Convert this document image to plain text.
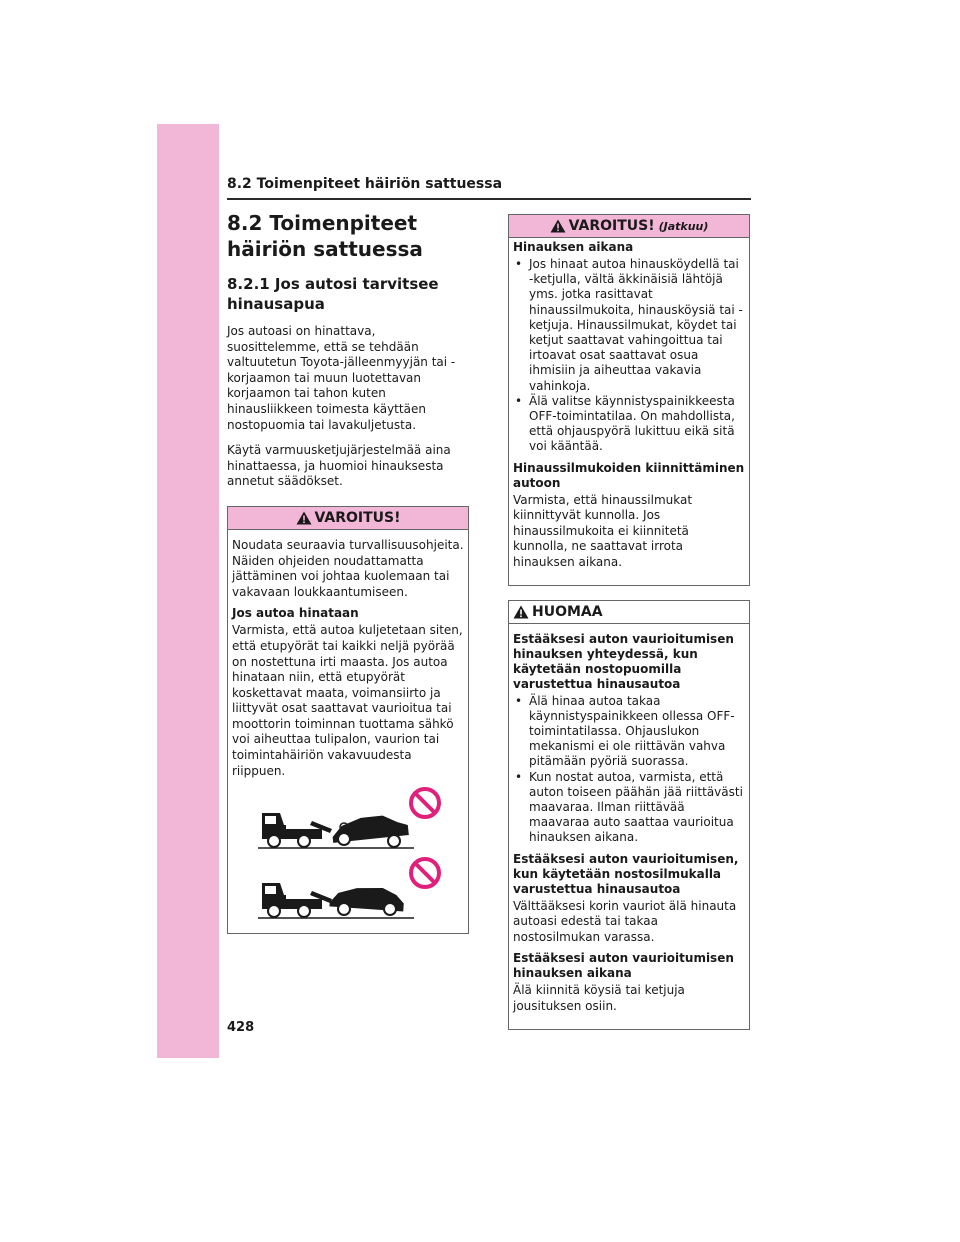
8.2 Toimenpiteet häiriön sattuessa
8.2 Toimenpiteet häiriön sattuessa
8.2.1 Jos autosi tarvitsee hinausapua

Jos autoasi on hinattava, suosittelemme, että se tehdään valtuutetun Toyota-jälleenmyyjän tai -korjaamon tai muun luotettavan korjaamon tai tahon kuten hinausliikkeen toimesta käyttäen nostopuomia tai lavakuljetusta.

Käytä varmuusketjujärjestelmää aina hinattaessa, ja huomioi hinauksesta annetut säädökset.

VAROITUS!

Noudata seuraavia turvallisuusohjeita. Näiden ohjeiden noudattamatta jättäminen voi johtaa kuolemaan tai vakavaan loukkaantumiseen.

Jos autoa hinataan

Varmista, että autoa kuljetetaan siten, että etupyörät tai kaikki neljä pyörää on nostettuna irti maasta. Jos autoa hinataan niin, että etupyörät koskettavat maata, voimansiirto ja liittyvät osat saattavat vaurioitua tai moottorin toiminnan tuottama sähkö voi aiheuttaa tulipalon, vaurion tai toimintahäiriön vakavuudesta riippuen.

VAROITUS! (Jatkuu)
Hinauksen aikana
• Jos hinaat autoa hinausköydellä tai -ketjulla, vältä äkkinäisiä lähtöjä yms. jotka rasittavat hinaussilmukoita, hinausköysiä tai -ketjuja. Hinaussilmukat, köydet tai ketjut saattavat vahingoittua tai irtoavat osat saattavat osua ihmisiin ja aiheuttaa vakavia vahinkoja.
• Älä valitse käynnistyspainikkeesta OFF-toimintatilaa. On mahdollista, että ohjauspyörä lukittuu eikä sitä voi kääntää.
Hinaussilmukoiden kiinnittäminen autoon

Varmista, että hinaussilmukat kiinnittyvät kunnolla. Jos hinaussilmukoita ei kiinnitetä kunnolla, ne saattavat irrota hinauksen aikana.

HUOMAA
Estääksesi auton vaurioitumisen hinauksen yhteydessä, kun käytetään nostopuomilla varustettua hinausautoa
• Älä hinaa autoa takaa käynnistyspainikkeen ollessa OFF-toimintatilassa. Ohjauslukon mekanismi ei ole riittävän vahva pitämään pyöriä suorassa.
• Kun nostat autoa, varmista, että auton toiseen päähän jää riittävästi maavaraa. Ilman riittävää maavaraa auto saattaa vaurioitua hinauksen aikana.
Estääksesi auton vaurioitumisen, kun käytetään nostosilmukalla varustettua hinausautoa

Välttääksesi korin vauriot älä hinauta autoasi edestä tai takaa nostosilmukan varassa.

Estääksesi auton vaurioitumisen hinauksen aikana

Älä kiinnitä köysiä tai ketjuja jousituksen osiin.

428
